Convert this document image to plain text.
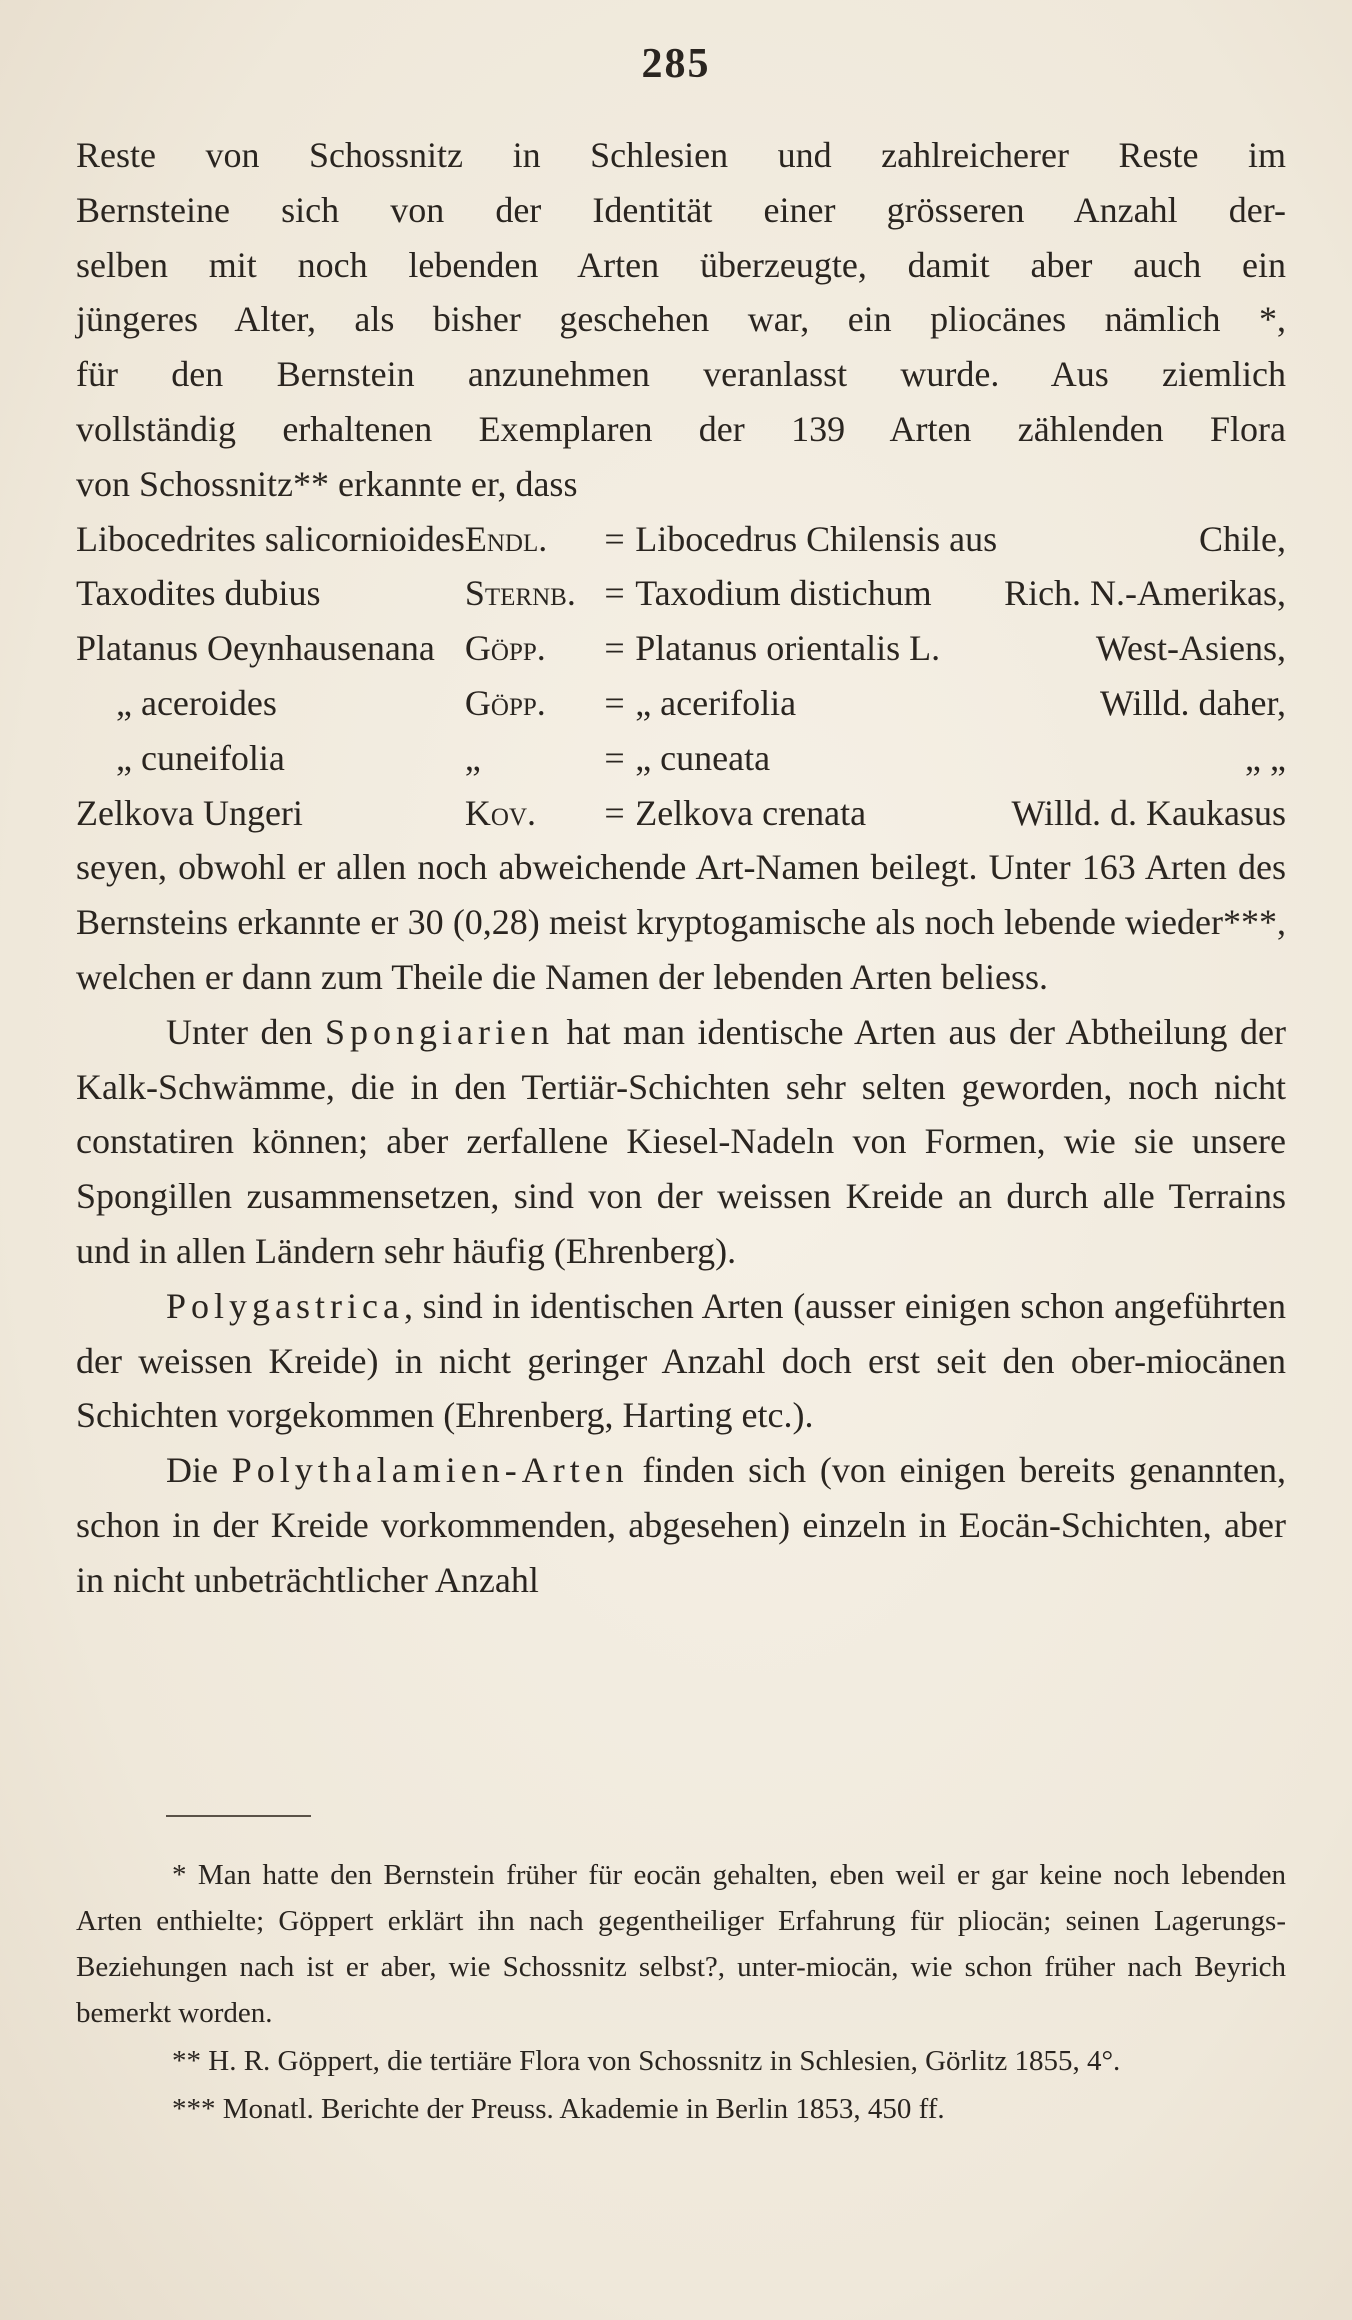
285
Reste von Schossnitz in Schlesien und zahlreicherer Reste im
Bernsteine sich von der Identität einer grösseren Anzahl der-
selben mit noch lebenden Arten überzeugte, damit aber auch ein
jüngeres Alter, als bisher geschehen war, ein pliocänes nämlich *,
für den Bernstein anzunehmen veranlasst wurde. Aus ziemlich
vollständig erhaltenen Exemplaren der 139 Arten zählenden Flora
von Schossnitz** erkannte er, dass
Libocedrites salicornioides	Endl.	=	Libocedrus Chilensis aus	Chile,
Taxodites dubius	Sternb.	=	Taxodium distichum	Rich. N.-Amerikas,
Platanus Oeynhausenana	Göpp.	=	Platanus orientalis L.	West-Asiens,
„ aceroides	Göpp.	=	„ acerifolia	Willd. daher,
„ cuneifolia	„	=	„ cuneata	„ „
Zelkova Ungeri	Kov.	=	Zelkova crenata	Willd. d. Kaukasus

seyen, obwohl er allen noch abweichende Art-Namen beilegt. Unter 163 Arten des Bernsteins erkannte er 30 (0,28) meist kryptogamische als noch lebende wieder***, welchen er dann zum Theile die Namen der lebenden Arten beliess.

Unter den Spongiarien hat man identische Arten aus der Abtheilung der Kalk-Schwämme, die in den Tertiär-Schichten sehr selten geworden, noch nicht constatiren können; aber zerfallene Kiesel-Nadeln von Formen, wie sie unsere Spongillen zusammensetzen, sind von der weissen Kreide an durch alle Terrains und in allen Ländern sehr häufig (Ehrenberg).

Polygastrica, sind in identischen Arten (ausser einigen schon angeführten der weissen Kreide) in nicht geringer Anzahl doch erst seit den ober-miocänen Schichten vorgekommen (Ehrenberg, Harting etc.).

Die Polythalamien-Arten finden sich (von einigen bereits genannten, schon in der Kreide vorkommenden, abgesehen) einzeln in Eocän-Schichten, aber in nicht unbeträchtlicher Anzahl

* Man hatte den Bernstein früher für eocän gehalten, eben weil er gar keine noch lebenden Arten enthielte; Göppert erklärt ihn nach gegentheiliger Erfahrung für pliocän; seinen Lagerungs-Beziehungen nach ist er aber, wie Schossnitz selbst?, unter-miocän, wie schon früher nach Beyrich bemerkt worden.

** H. R. Göppert, die tertiäre Flora von Schossnitz in Schlesien, Görlitz 1855, 4°.

*** Monatl. Berichte der Preuss. Akademie in Berlin 1853, 450 ff.
